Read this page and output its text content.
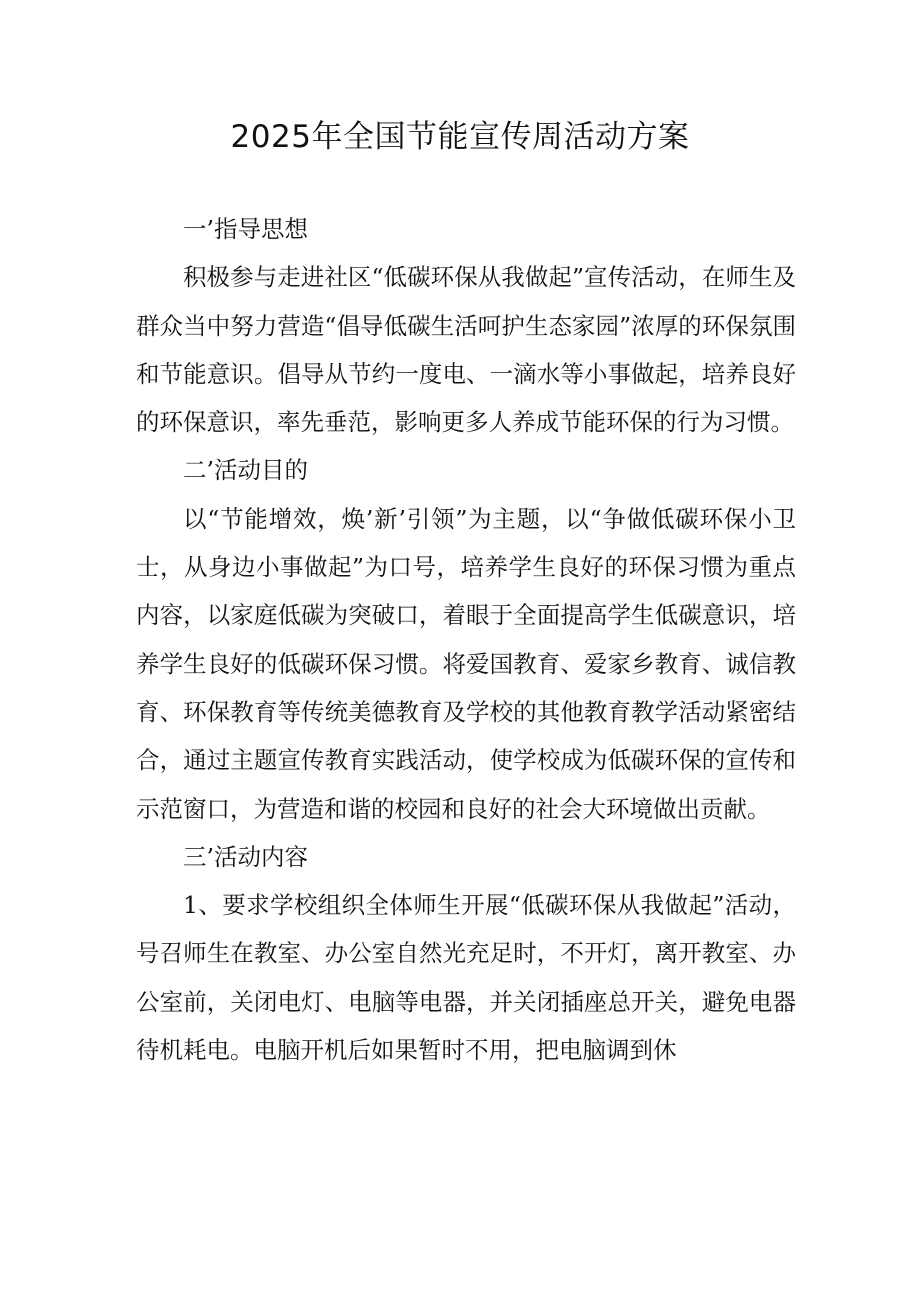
2025年全国节能宣传周活动方案

一’指导思想

积极参与走进社区“低碳环保从我做起”宣传活动，在师生及群众当中努力营造“倡导低碳生活呵护生态家园”浓厚的环保氛围和节能意识。倡导从节约一度电、一滴水等小事做起，培养良好的环保意识，率先垂范，影响更多人养成节能环保的行为习惯。

二’活动目的

以“节能增效，焕’新’引领”为主题，以“争做低碳环保小卫士，从身边小事做起”为口号，培养学生良好的环保习惯为重点内容，以家庭低碳为突破口，着眼于全面提高学生低碳意识，培养学生良好的低碳环保习惯。将爱国教育、爱家乡教育、诚信教育、环保教育等传统美德教育及学校的其他教育教学活动紧密结合，通过主题宣传教育实践活动，使学校成为低碳环保的宣传和示范窗口，为营造和谐的校园和良好的社会大环境做出贡献。

三’活动内容

1、要求学校组织全体师生开展“低碳环保从我做起”活动，号召师生在教室、办公室自然光充足时，不开灯，离开教室、办公室前，关闭电灯、电脑等电器，并关闭插座总开关，避免电器待机耗电。电脑开机后如果暂时不用，把电脑调到休
